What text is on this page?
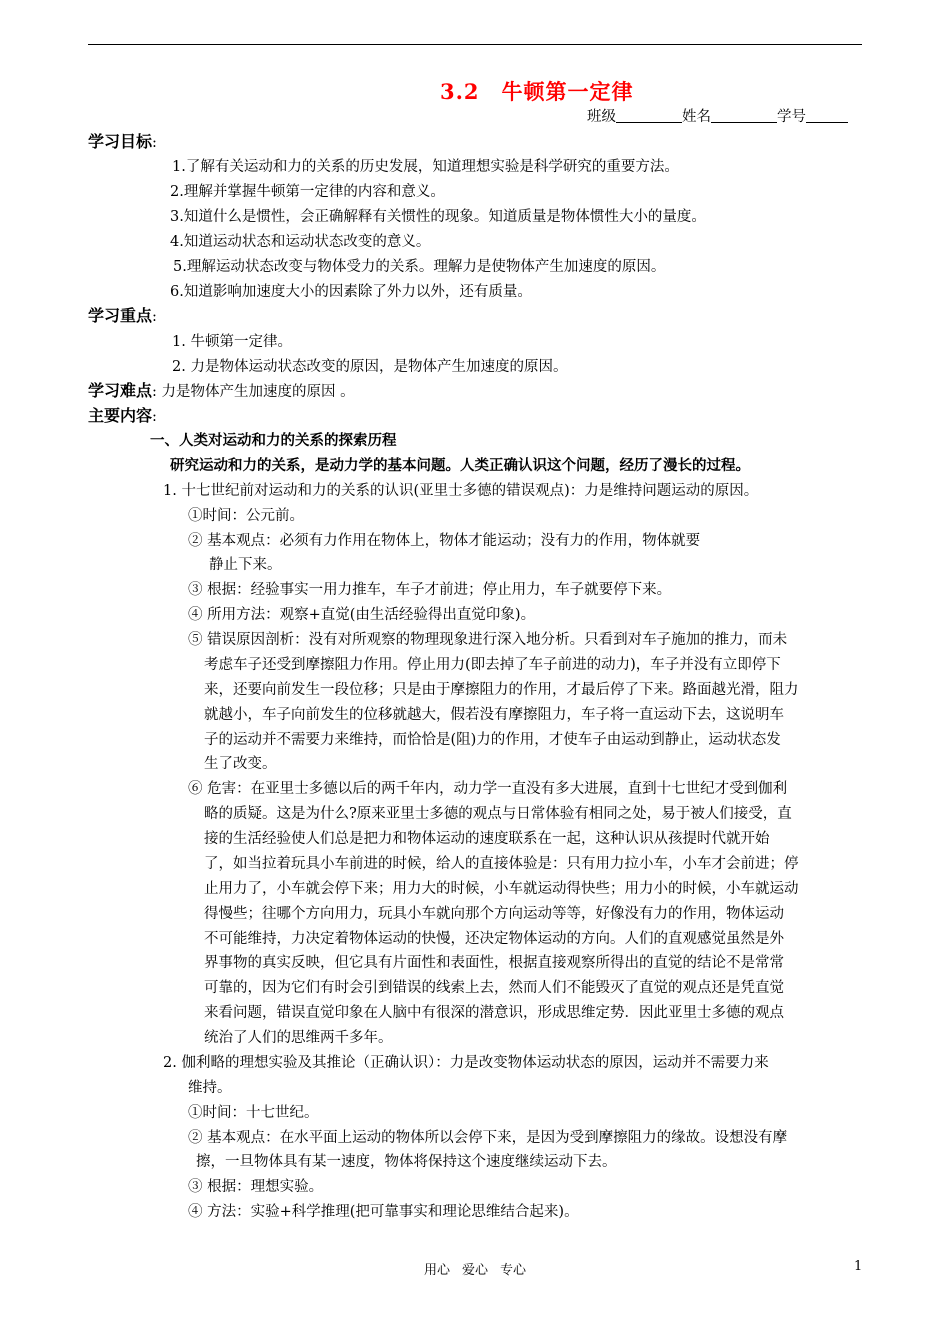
3.2 牛顿第一定律
班级	姓名	学号
学习目标:
1.了解有关运动和力的关系的历史发展，知道理想实验是科学研究的重要方法。
2.理解并掌握牛顿第一定律的内容和意义。
3.知道什么是惯性，会正确解释有关惯性的现象。知道质量是物体惯性大小的量度。
4.知道运动状态和运动状态改变的意义。
5.理解运动状态改变与物体受力的关系。理解力是使物体产生加速度的原因。
6.知道影响加速度大小的因素除了外力以外，还有质量。
学习重点:
1. 牛顿第一定律。
2. 力是物体运动状态改变的原因，是物体产生加速度的原因。
学习难点: 力是物体产生加速度的原因 。
主要内容:
一、人类对运动和力的关系的探索历程
研究运动和力的关系，是动力学的基本问题。人类正确认识这个问题，经历了漫长的过程。
1. 十七世纪前对运动和力的关系的认识(亚里士多德的错误观点)：力是维持问题运动的原因。
①时间：公元前。
② 基本观点：必须有力作用在物体上，物体才能运动；没有力的作用，物体就要
静止下来。
③ 根据：经验事实一用力推车，车子才前进；停止用力，车子就要停下来。
④ 所用方法：观察+直觉(由生活经验得出直觉印象)。
⑤ 错误原因剖析：没有对所观察的物理现象进行深入地分析。只看到对车子施加的推力，而未
考虑车子还受到摩擦阻力作用。停止用力(即去掉了车子前进的动力)，车子并没有立即停下
来，还要向前发生一段位移；只是由于摩擦阻力的作用，才最后停了下来。路面越光滑，阻力
就越小，车子向前发生的位移就越大，假若没有摩擦阻力，车子将一直运动下去，这说明车
子的运动并不需要力来维持，而恰恰是(阻)力的作用，才使车子由运动到静止，运动状态发
生了改变。
⑥ 危害：在亚里士多德以后的两千年内，动力学一直没有多大进展，直到十七世纪才受到伽利
略的质疑。这是为什么?原来亚里士多德的观点与日常体验有相同之处，易于被人们接受，直
接的生活经验使人们总是把力和物体运动的速度联系在一起，这种认识从孩提时代就开始
了，如当拉着玩具小车前进的时候，给人的直接体验是：只有用力拉小车，小车才会前进；停
止用力了，小车就会停下来；用力大的时候，小车就运动得快些；用力小的时候，小车就运动
得慢些；往哪个方向用力，玩具小车就向那个方向运动等等，好像没有力的作用，物体运动
不可能维持，力决定着物体运动的快慢，还决定物体运动的方向。人们的直观感觉虽然是外
界事物的真实反映，但它具有片面性和表面性，根据直接观察所得出的直觉的结论不是常常
可靠的，因为它们有时会引到错误的线索上去，然而人们不能毁灭了直觉的观点还是凭直觉
来看问题，错误直觉印象在人脑中有很深的潜意识，形成思维定势．因此亚里士多德的观点
统治了人们的思维两千多年。
2. 伽利略的理想实验及其推论（正确认识）：力是改变物体运动状态的原因，运动并不需要力来
维持。
①时间：十七世纪。
② 基本观点：在水平面上运动的物体所以会停下来，是因为受到摩擦阻力的缘故。设想没有摩
擦，一旦物体具有某一速度，物体将保持这个速度继续运动下去。
③ 根据：理想实验。
④ 方法：实验+科学推理(把可靠事实和理论思维结合起来)。
用心 爱心 专心	1
